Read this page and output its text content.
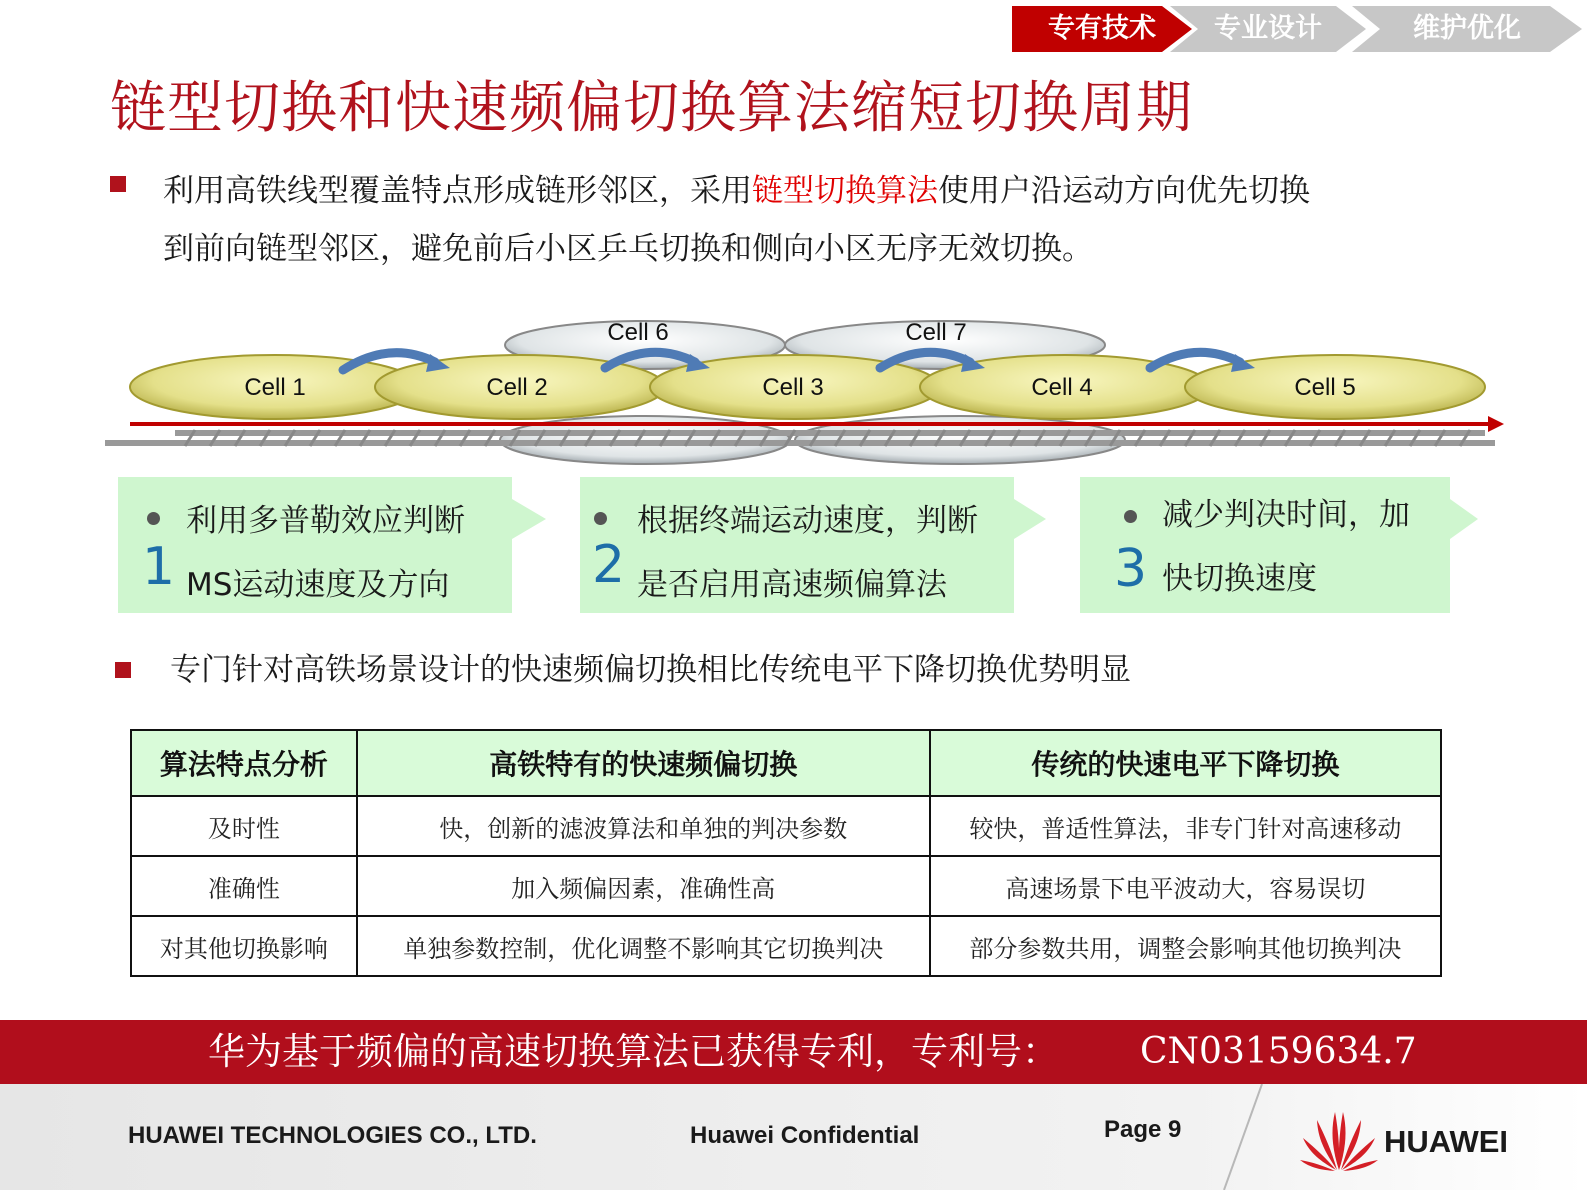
专有技术	专业设计	维护优化
链型切换和快速频偏切换算法缩短切换周期
利用高铁线型覆盖特点形成链形邻区，采用链型切换算法使用户沿运动方向优先切换
到前向链型邻区，避免前后小区乒乓切换和侧向小区无序无效切换。
Cell 6	Cell 7
Cell 1	Cell 2	Cell 3	Cell 4	Cell 5
利用多普勒效应判断
1 MS运动速度及方向
根据终端运动速度，判断
2 是否启用高速频偏算法
减少判决时间，加
3 快切换速度
专门针对高铁场景设计的快速频偏切换相比传统电平下降切换优势明显
算法特点分析	高铁特有的快速频偏切换	传统的快速电平下降切换
及时性	快，创新的滤波算法和单独的判决参数	较快，普适性算法，非专门针对高速移动
准确性	加入频偏因素，准确性高	高速场景下电平波动大，容易误切
对其他切换影响	单独参数控制，优化调整不影响其它切换判决	部分参数共用，调整会影响其他切换判决
华为基于频偏的高速切换算法已获得专利，专利号： CN03159634.7
HUAWEI TECHNOLOGIES CO., LTD.	Huawei Confidential	Page 9	HUAWEI
